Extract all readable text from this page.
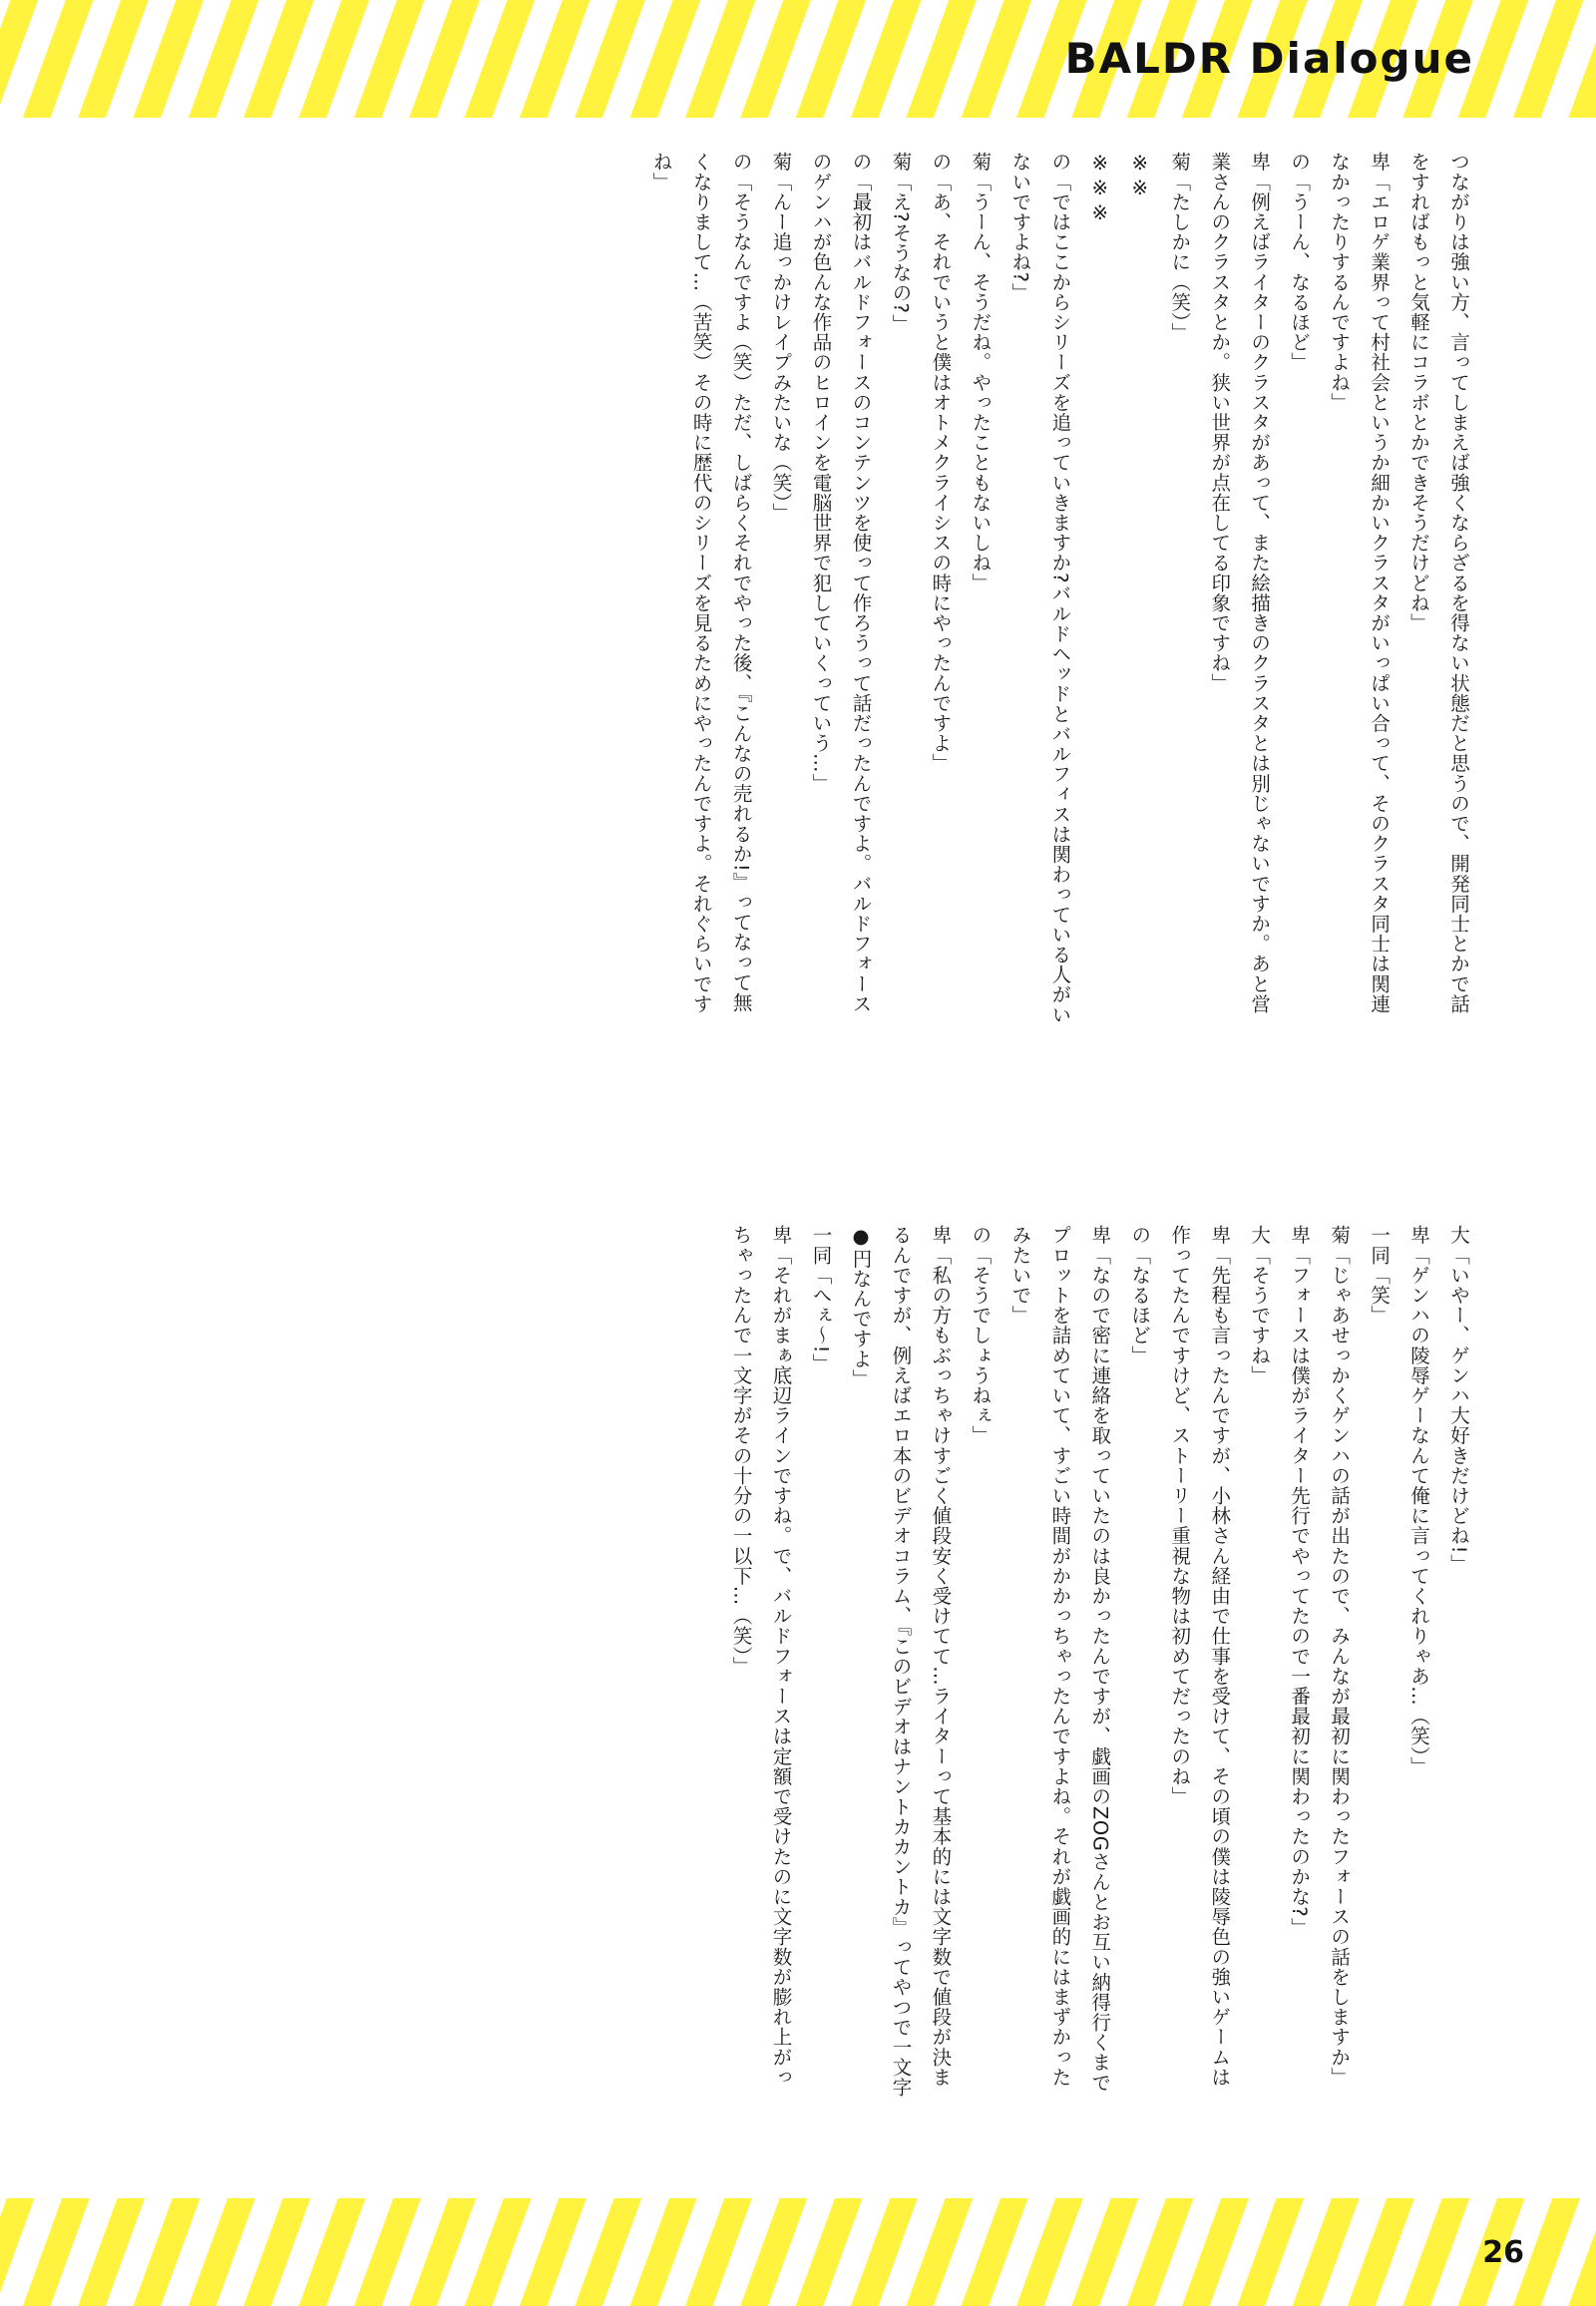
BALDR Dialogue
つながりは強い方、言ってしまえば強くならざるを得ない状態だと思うので、開発同士とかで話をすればもっと気軽にコラボとかできそうだけどね」
卑「エロゲ業界って村社会というか細かいクラスタがいっぱい合って、そのクラスタ同士は関連なかったりするんですよね」
の「うーん、なるほど」
卑「例えばライターのクラスタがあって、また絵描きのクラスタとは別じゃないですか。あと営業さんのクラスタとか。狭い世界が点在してる印象ですね」
菊「たしかに（笑）」
※※
※※※
の「ではここからシリーズを追っていきますか?バルドヘッドとバルフィスは関わっている人がいないですよね?」
菊「うーん、そうだね。やったこともないしね」
の「あ、それでいうと僕はオトメクライシスの時にやったんですよ」
菊「え?そうなの?」
の「最初はバルドフォースのコンテンツを使って作ろうって話だったんですよ。バルドフォースのゲンハが色んな作品のヒロインを電脳世界で犯していくっていう…」
菊「んー追っかけレイプみたいな（笑）」
の「そうなんですよ（笑）ただ、しばらくそれでやった後、『こんなの売れるか!』ってなって無くなりまして…（苦笑）その時に歴代のシリーズを見るためにやったんですよ。それぐらいですね」
大「いやー、ゲンハ大好きだけどね!」
卑「ゲンハの陵辱ゲーなんて俺に言ってくれりゃあ…（笑）」
一同「笑」
菊「じゃあせっかくゲンハの話が出たので、みんなが最初に関わったフォースの話をしますか」
卑「フォースは僕がライター先行でやってたので一番最初に関わったのかな?」
大「そうですね」
卑「先程も言ったんですが、小林さん経由で仕事を受けて、その頃の僕は陵辱色の強いゲームは作ってたんですけど、ストーリー重視な物は初めてだったのね」
の「なるほど」
卑「なので密に連絡を取っていたのは良かったんですが、戯画のZOGさんとお互い納得行くまでプロットを詰めていて、すごい時間がかかっちゃったんですよね。それが戯画的にはまずかったみたいで」
の「そうでしょうねぇ」
卑「私の方もぶっちゃけすごく値段安く受けてて…ライターって基本的には文字数で値段が決まるんですが、例えばエロ本のビデオコラム、『このビデオはナントカカントカ』ってやつで一文字●円なんですよ」
一同「へぇ～!」
卑「それがまぁ底辺ラインですね。で、バルドフォースは定額で受けたのに文字数が膨れ上がっちゃったんで一文字がその十分の一以下…（笑）」
26
